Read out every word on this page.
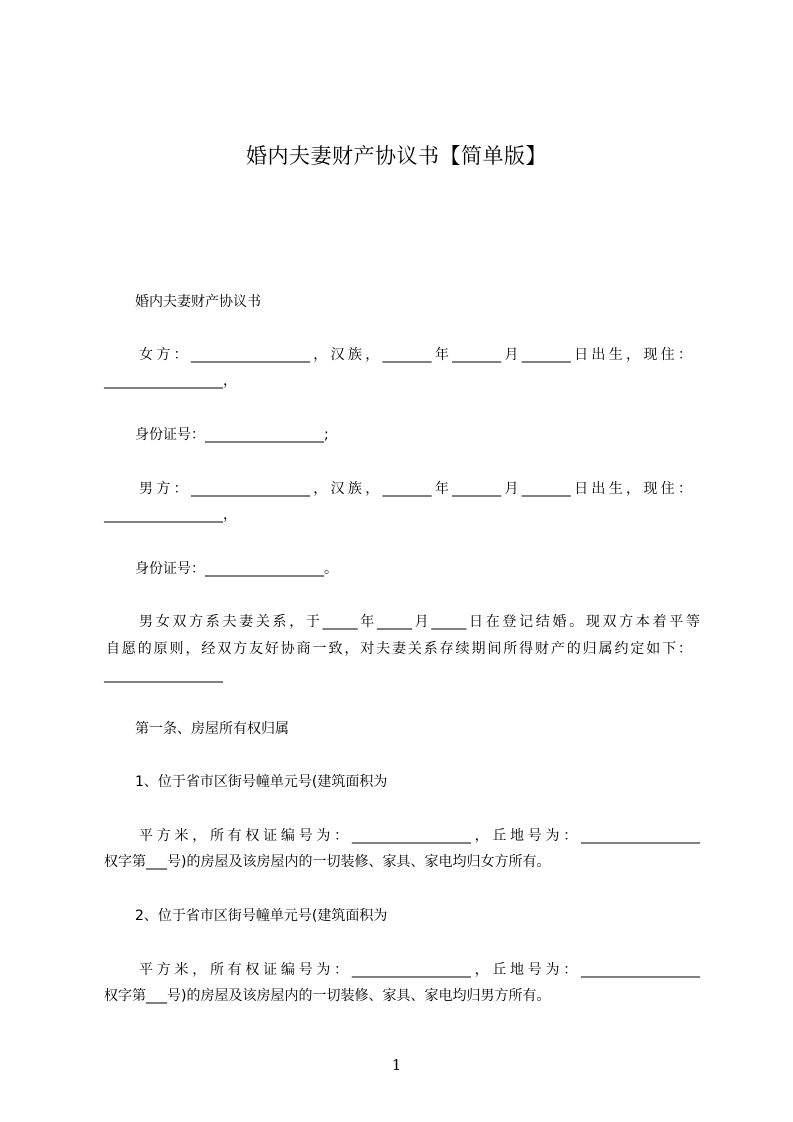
婚内夫妻财产协议书【简单版】
婚内夫妻财产协议书
女方：_________________，汉族，_______年_______月_______日出生，现住：
_________________，
身份证号：_________________;
男方：_________________，汉族，_______年_______月_______日出生，现住：
_________________，
身份证号：_________________。
男女双方系夫妻关系，于_____年_____月_____日在登记结婚。现双方本着平等
自愿的原则，经双方友好协商一致，对夫妻关系存续期间所得财产的归属约定如下：
_________________
第一条、房屋所有权归属
1、位于省市区街号幢单元号(建筑面积为
平方米，所有权证编号为：_________________，丘地号为：_________________
权字第___号)的房屋及该房屋内的一切装修、家具、家电均归女方所有。
2、位于省市区街号幢单元号(建筑面积为
平方米，所有权证编号为：_________________，丘地号为：_________________
权字第___号)的房屋及该房屋内的一切装修、家具、家电均归男方所有。
1
